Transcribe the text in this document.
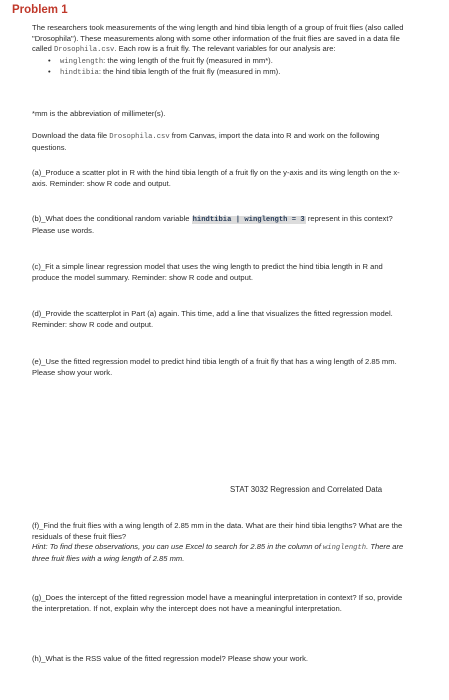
Problem 1
The researchers took measurements of the wing length and hind tibia length of a group of fruit flies (also called "Drosophila"). These measurements along with some other information of the fruit flies are saved in a data file called Drosophila.csv. Each row is a fruit fly. The relevant variables for our analysis are:
• winglength: the wing length of the fruit fly (measured in mm*).
• hindtibia: the hind tibia length of the fruit fly (measured in mm).
*mm is the abbreviation of millimeter(s).
Download the data file Drosophila.csv from Canvas, import the data into R and work on the following questions.
(a)_Produce a scatter plot in R with the hind tibia length of a fruit fly on the y-axis and its wing length on the x-axis. Reminder: show R code and output.
(b)_What does the conditional random variable hindtibia | winglength = 3 represent in this context? Please use words.
(c)_Fit a simple linear regression model that uses the wing length to predict the hind tibia length in R and produce the model summary. Reminder: show R code and output.
(d)_Provide the scatterplot in Part (a) again. This time, add a line that visualizes the fitted regression model. Reminder: show R code and output.
(e)_Use the fitted regression model to predict hind tibia length of a fruit fly that has a wing length of 2.85 mm. Please show your work.
STAT 3032 Regression and Correlated Data
(f)_Find the fruit flies with a wing length of 2.85 mm in the data. What are their hind tibia lengths? What are the residuals of these fruit flies?
Hint: To find these observations, you can use Excel to search for 2.85 in the column of winglength. There are three fruit flies with a wing length of 2.85 mm.
(g)_Does the intercept of the fitted regression model have a meaningful interpretation in context? If so, provide the interpretation. If not, explain why the intercept does not have a meaningful interpretation.
(h)_What is the RSS value of the fitted regression model? Please show your work.
